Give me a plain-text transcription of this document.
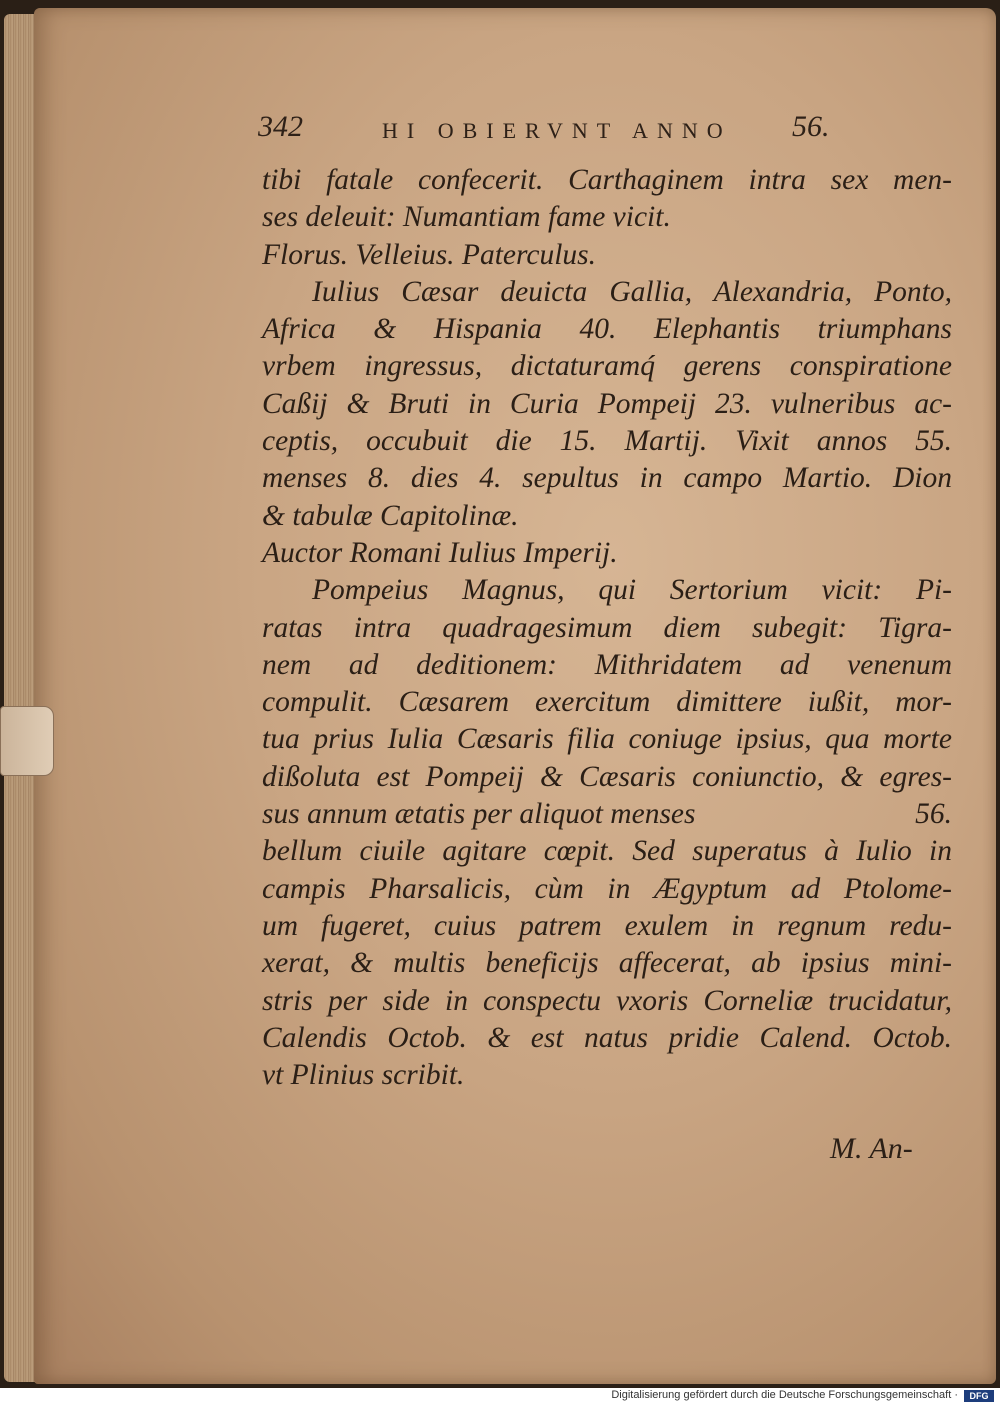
342	HI OBIERVNT ANNO 56.
tibi fatale confecerit. Carthaginem intra sex men-
ses deleuit: Numantiam fame vicit.
Florus. Velleius. Paterculus.
Iulius Cæsar deuicta Gallia, Alexandria, Ponto,
Africa & Hispania 40. Elephantis triumphans
vrbem ingressus, dictaturamq́ gerens conspiratione
Caßij & Bruti in Curia Pompeij 23. vulneribus ac-
ceptis, occubuit die 15. Martij. Vixit annos 55.
menses 8. dies 4. sepultus in campo Martio. Dion
& tabulæ Capitolinæ.
Auctor Romani Iulius Imperij.
Pompeius Magnus, qui Sertorium vicit: Pi-
ratas intra quadragesimum diem subegit: Tigra-
nem ad deditionem: Mithridatem ad venenum
compulit. Cæsarem exercitum dimittere iußit, mor-
tua prius Iulia Cæsaris filia coniuge ipsius, qua morte
dißoluta est Pompeij & Cæsaris coniunctio, & egres-
sus annum ætatis per aliquot menses	56.
bellum ciuile agitare cœpit. Sed superatus à Iulio in
campis Pharsalicis, cùm in Ægyptum ad Ptolome-
um fugeret, cuius patrem exulem in regnum redu-
xerat, & multis beneficijs affecerat, ab ipsius mini-
stris per side in conspectu vxoris Corneliæ trucidatur,
Calendis Octob. & est natus pridie Calend. Octob.
vt Plinius scribit.
M. An-
Digitalisierung gefördert durch die Deutsche Forschungsgemeinschaft ·	DFG
